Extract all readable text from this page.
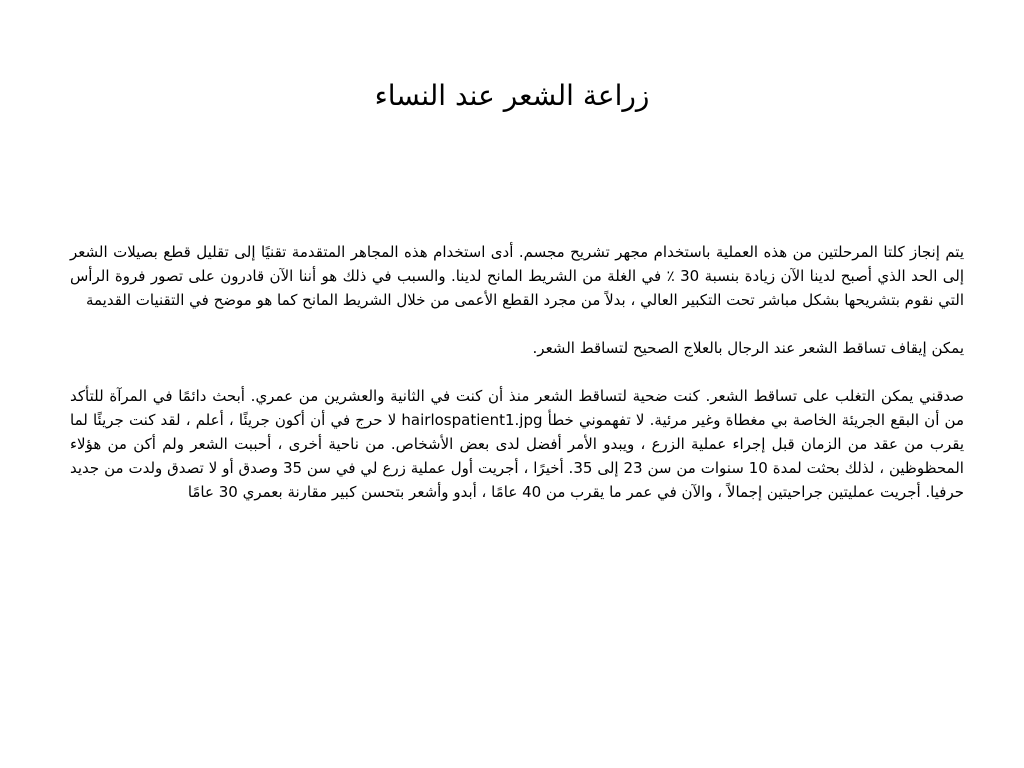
زراعة الشعر عند النساء

يتم إنجاز كلتا المرحلتين من هذه العملية باستخدام مجهر تشريح مجسم. أدى استخدام هذه المجاهر المتقدمة تقنيًا إلى تقليل قطع بصيلات الشعر إلى الحد الذي أصبح لدينا الآن زيادة بنسبة 30 ٪ في الغلة من الشريط المانح لدينا. والسبب في ذلك هو أننا الآن قادرون على تصور فروة الرأس التي نقوم بتشريحها بشكل مباشر تحت التكبير العالي ، بدلاً من مجرد القطع الأعمى من خلال الشريط المانح كما هو موضح في التقنيات القديمة

يمكن إيقاف تساقط الشعر عند الرجال بالعلاج الصحيح لتساقط الشعر.

صدقني يمكن التغلب على تساقط الشعر. كنت ضحية لتساقط الشعر منذ أن كنت في الثانية والعشرين من عمري. أبحث دائمًا في المرآة للتأكد من أن البقع الجريئة الخاصة بي مغطاة وغير مرئية. لا تفهموني خطأ hairlospatient1.jpg لا حرج في أن أكون جريئًا ، أعلم ، لقد كنت جريئًا لما يقرب من عقد من الزمان قبل إجراء عملية الزرع ، ويبدو الأمر أفضل لدى بعض الأشخاص. من ناحية أخرى ، أحببت الشعر ولم أكن من هؤلاء المحظوظين ، لذلك بحثت لمدة 10 سنوات من سن 23 إلى 35. أخيرًا ، أجريت أول عملية زرع لي في سن 35 وصدق أو لا تصدق ولدت من جديد حرفيا. أجريت عمليتين جراحيتين إجمالاً ، والآن في عمر ما يقرب من 40 عامًا ، أبدو وأشعر بتحسن كبير مقارنة بعمري 30 عامًا
